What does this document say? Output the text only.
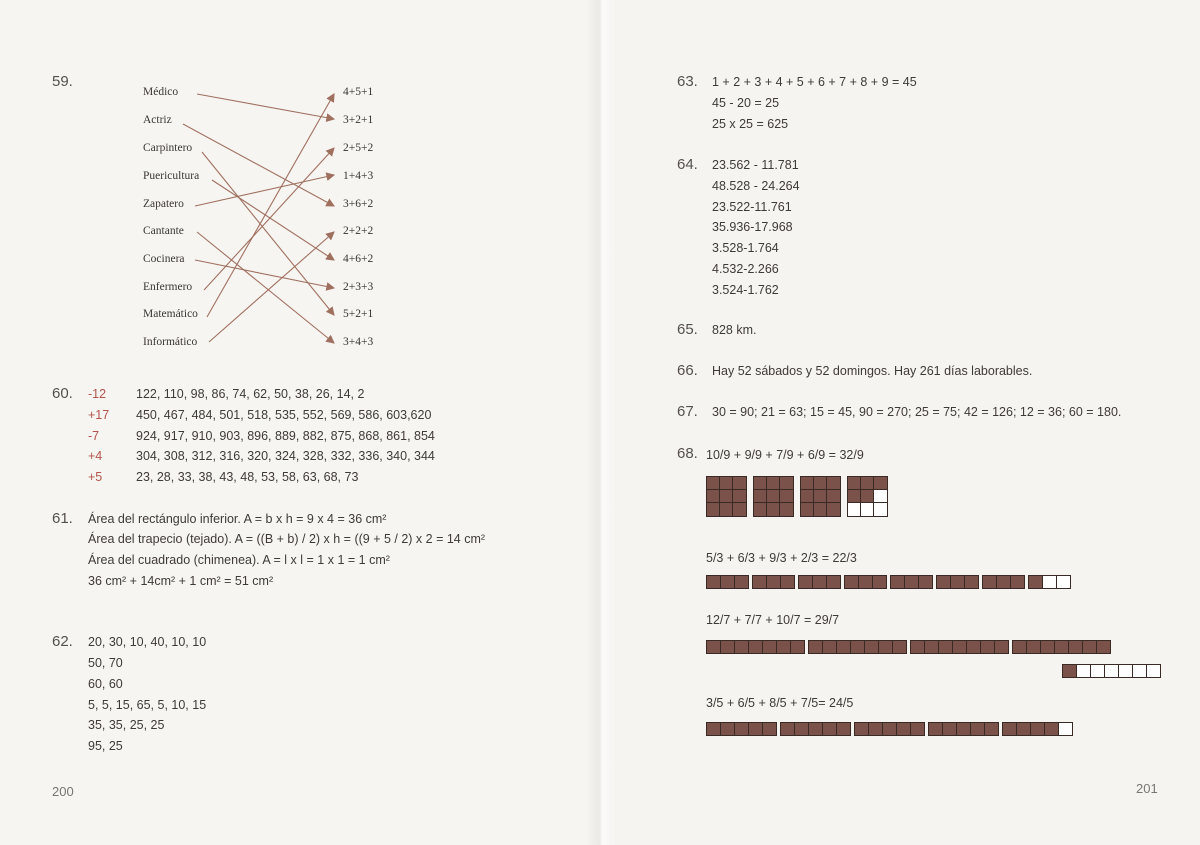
59.
Médico
Actriz
Carpintero
Puericultura
Zapatero
Cantante
Cocinera
Enfermero
Matemático
Informático
4+5+1
3+2+1
2+5+2
1+4+3
3+6+2
2+2+2
4+6+2
2+3+3
5+2+1
3+4+3
60. -12 122, 110, 98, 86, 74, 62, 50, 38, 26, 14, 2
+17 450, 467, 484, 501, 518, 535, 552, 569, 586, 603,620
-7	924, 917, 910, 903, 896, 889, 882, 875, 868, 861, 854
+4	304, 308, 312, 316, 320, 324, 328, 332, 336, 340, 344
+5	23, 28, 33, 38, 43, 48, 53, 58, 63, 68, 73
61. Área del rectángulo inferior. A = b x h = 9 x 4 = 36 cm²
Área del trapecio (tejado). A = ((B + b) / 2) x h = ((9 + 5 / 2) x 2 = 14 cm²
Área del cuadrado (chimenea). A = l x l = 1 x 1 = 1 cm²
36 cm² + 14cm² + 1 cm² = 51 cm²
62. 20, 30, 10, 40, 10, 10
50, 70
60, 60
5, 5, 15, 65, 5, 10, 15
35, 35, 25, 25
95, 25
200
63. 1 + 2 + 3 + 4 + 5 + 6 + 7 + 8 + 9 = 45
45 - 20 = 25
25 x 25 = 625
64. 23.562 - 11.781
48.528 - 24.264
23.522-11.761
35.936-17.968
3.528-1.764
4.532-2.266
3.524-1.762
65. 828 km.
66. Hay 52 sábados y 52 domingos. Hay 261 días laborables.
67. 30 = 90; 21 = 63; 15 = 45, 90 = 270; 25 = 75; 42 = 126; 12 = 36; 60 = 180.
68. 10/9 + 9/9 + 7/9 + 6/9 = 32/9
5/3 + 6/3 + 9/3 + 2/3 = 22/3
12/7 + 7/7 + 10/7 = 29/7
3/5 + 6/5 + 8/5 + 7/5= 24/5
201
